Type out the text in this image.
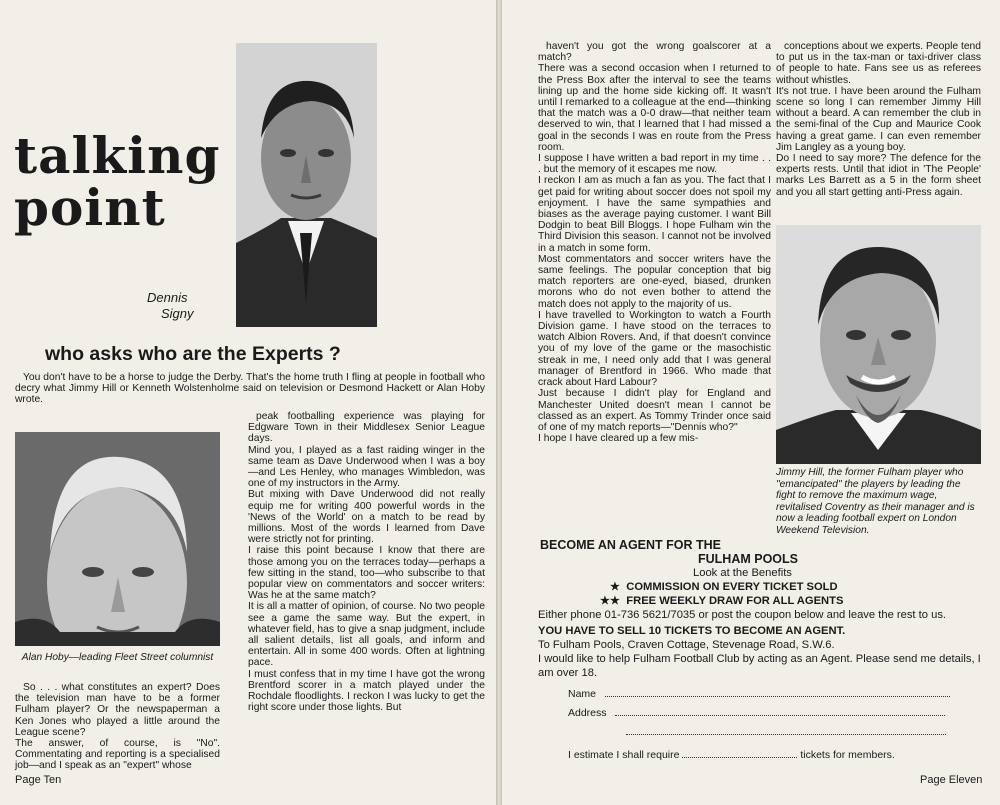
talking
point
Dennis
Signy
who asks who are the Experts ?

You don't have to be a horse to judge the Derby. That's the home truth I fling at people in football who decry what Jimmy Hill or Kenneth Wolstenholme said on television or Desmond Hackett or Alan Hoby wrote.

Alan Hoby—leading Fleet Street columnist

So . . . what constitutes an expert? Does the television man have to be a former Fulham player? Or the newspaperman a Ken Jones who played a little around the League scene?
The answer, of course, is "No". Commentating and reporting is a specialised job—and I speak as an "expert" whose

peak footballing experience was playing for Edgware Town in their Middlesex Senior League days.
Mind you, I played as a fast raiding winger in the same team as Dave Underwood when I was a boy—and Les Henley, who manages Wimbledon, was one of my instructors in the Army.
But mixing with Dave Underwood did not really equip me for writing 400 powerful words in the 'News of the World' on a match to be read by millions. Most of the words I learned from Dave were strictly not for printing.
I raise this point because I know that there are those among you on the terraces today—perhaps a few sitting in the stand, too—who subscribe to that popular view on commentators and soccer writers: Was he at the same match?
It is all a matter of opinion, of course. No two people see a game the same way. But the expert, in whatever field, has to give a snap judgment, include all salient details, list all goals, and inform and entertain. All in some 400 words. Often at lightning pace.
I must confess that in my time I have got the wrong Brentford scorer in a match played under the Rochdale floodlights. I reckon I was lucky to get the right score under those lights. But

Page Ten

haven't you got the wrong goalscorer at a match?
There was a second occasion when I returned to the Press Box after the interval to see the teams lining up and the home side kicking off. It wasn't until I remarked to a colleague at the end—thinking that the match was a 0-0 draw—that neither team deserved to win, that I learned that I had missed a goal in the seconds I was en route from the Press room.
I suppose I have written a bad report in my time . . . but the memory of it escapes me now.
I reckon I am as much a fan as you. The fact that I get paid for writing about soccer does not spoil my enjoyment. I have the same sympathies and biases as the average paying customer. I want Bill Dodgin to beat Bill Bloggs. I hope Fulham win the Third Division this season. I cannot not be involved in a match in some form.
Most commentators and soccer writers have the same feelings. The popular conception that big match reporters are one-eyed, biased, drunken morons who do not even bother to attend the match does not apply to the majority of us.
I have travelled to Workington to watch a Fourth Division game. I have stood on the terraces to watch Albion Rovers. And, if that doesn't convince you of my love of the game or the masochistic streak in me, I need only add that I was general manager of Brentford in 1966. Who made that crack about Hard Labour?
Just because I didn't play for England and Manchester United doesn't mean I cannot be classed as an expert. As Tommy Trinder once said of one of my match reports—"Dennis who?"
I hope I have cleared up a few mis-

conceptions about we experts. People tend to put us in the tax-man or taxi-driver class of people to hate. Fans see us as referees without whistles.
It's not true. I have been around the Fulham scene so long I can remember Jimmy Hill without a beard. A can remember the club in the semi-final of the Cup and Maurice Cook having a great game. I can even remember Jim Langley as a young boy.
Do I need to say more? The defence for the experts rests. Until that idiot in 'The People' marks Les Barrett as a 5 in the form sheet and you all start getting anti-Press again.

Jimmy Hill, the former Fulham player who "emancipated" the players by leading the fight to remove the maximum wage, revitalised Coventry as their manager and is now a leading football expert on London Weekend Television.
BECOME AN AGENT FOR THE
FULHAM POOLS
Look at the Benefits
★ COMMISSION ON EVERY TICKET SOLD
★★ FREE WEEKLY DRAW FOR ALL AGENTS
Either phone 01-736 5621/7035 or post the coupon below and leave the rest to us.
YOU HAVE TO SELL 10 TICKETS TO BECOME AN AGENT.
To Fulham Pools, Craven Cottage, Stevenage Road, S.W.6.
I would like to help Fulham Football Club by acting as an Agent. Please send me details, I am over 18.
Name
Address
I estimate I shall require	tickets for members.
Page Eleven
